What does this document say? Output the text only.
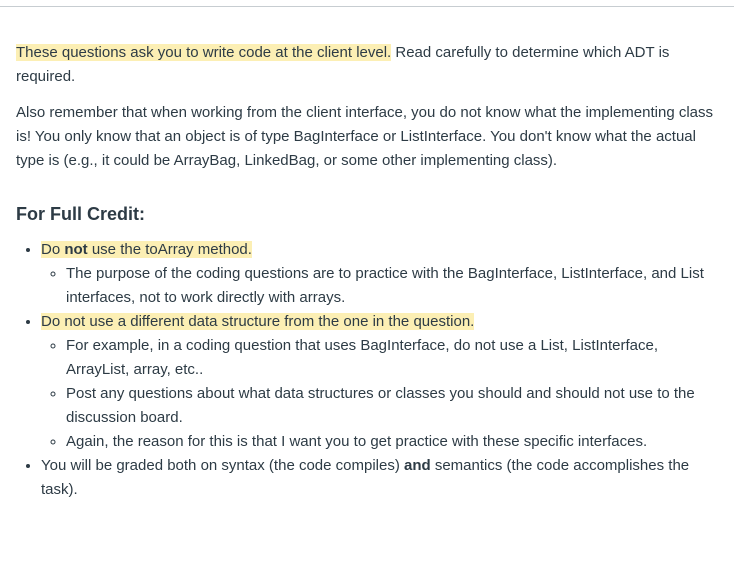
These questions ask you to write code at the client level. Read carefully to determine which ADT is required.

Also remember that when working from the client interface, you do not know what the implementing class is! You only know that an object is of type BagInterface or ListInterface. You don't know what the actual type is (e.g., it could be ArrayBag, LinkedBag, or some other implementing class).

For Full Credit:
• Do not use the toArray method.
◦ The purpose of the coding questions are to practice with the BagInterface, ListInterface, and List interfaces, not to work directly with arrays.
• Do not use a different data structure from the one in the question.
◦ For example, in a coding question that uses BagInterface, do not use a List, ListInterface, ArrayList, array, etc..
◦ Post any questions about what data structures or classes you should and should not use to the discussion board.
◦ Again, the reason for this is that I want you to get practice with these specific interfaces.
• You will be graded both on syntax (the code compiles) and semantics (the code accomplishes the task).
